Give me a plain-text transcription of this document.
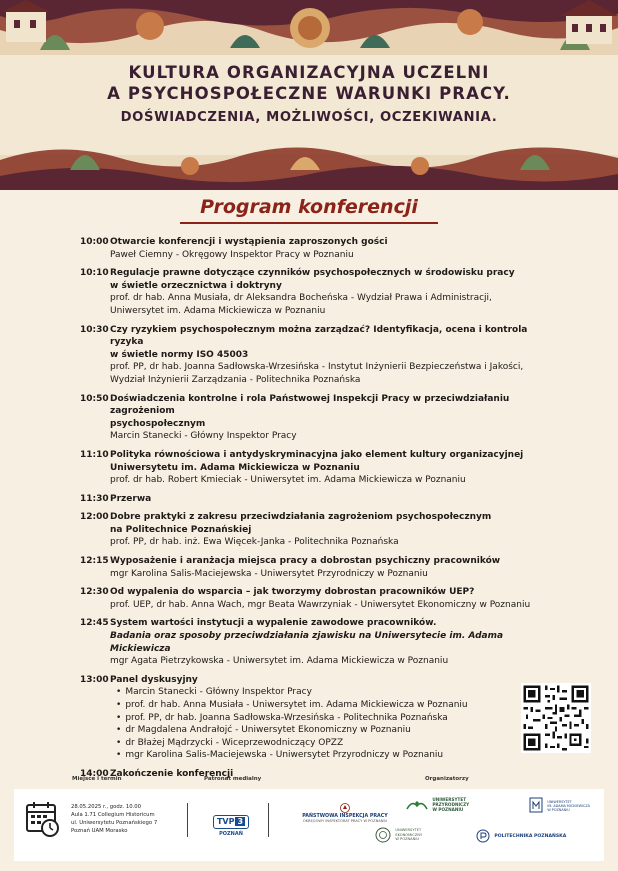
KULTURA ORGANIZACYJNA UCZELNI
A PSYCHOSPOŁECZNE WARUNKI PRACY.
DOŚWIADCZENIA, MOŻLIWOŚCI, OCZEKIWANIA.
Program konferencji
10:00 Otwarcie konferencji i wystąpienia zaproszonych gości
Paweł Ciemny - Okręgowy Inspektor Pracy w Poznaniu
10:10 Regulacje prawne dotyczące czynników psychospołecznych w środowisku pracy
w świetle orzecznictwa i doktryny
prof. dr hab. Anna Musiała, dr Aleksandra Bocheńska - Wydział Prawa i Administracji,
Uniwersytet im. Adama Mickiewicza w Poznaniu
10:30 Czy ryzykiem psychospołecznym można zarządzać? Identyfikacja, ocena i kontrola ryzyka
w świetle normy ISO 45003
prof. PP, dr hab. Joanna Sadłowska-Wrzesińska - Instytut Inżynierii Bezpieczeństwa i Jakości,
Wydział Inżynierii Zarządzania - Politechnika Poznańska
10:50 Doświadczenia kontrolne i rola Państwowej Inspekcji Pracy w przeciwdziałaniu zagrożeniom
psychospołecznym
Marcin Stanecki - Główny Inspektor Pracy
11:10 Polityka równościowa i antydyskryminacyjna jako element kultury organizacyjnej
Uniwersytetu im. Adama Mickiewicza w Poznaniu
prof. dr hab. Robert Kmieciak - Uniwersytet im. Adama Mickiewicza w Poznaniu
11:30 Przerwa
12:00 Dobre praktyki z zakresu przeciwdziałania zagrożeniom psychospołecznym
na Politechnice Poznańskiej
prof. PP, dr hab. inż. Ewa Więcek-Janka - Politechnika Poznańska
12:15 Wyposażenie i aranżacja miejsca pracy a dobrostan psychiczny pracowników
mgr Karolina Salis-Maciejewska - Uniwersytet Przyrodniczy w Poznaniu
12:30 Od wypalenia do wsparcia – jak tworzymy dobrostan pracowników UEP?
prof. UEP, dr hab. Anna Wach, mgr Beata Wawrzyniak - Uniwersytet Ekonomiczny w Poznaniu
12:45 System wartości instytucji a wypalenie zawodowe pracowników.
Badania oraz sposoby przeciwdziałania zjawisku na Uniwersytecie im. Adama Mickiewicza
mgr Agata Pietrzykowska - Uniwersytet im. Adama Mickiewicza w Poznaniu
13:00 Panel dyskusyjny
• Marcin Stanecki - Główny Inspektor Pracy
• prof. dr hab. Anna Musiała - Uniwersytet im. Adama Mickiewicza w Poznaniu
• prof. PP, dr hab. Joanna Sadłowska-Wrzesińska - Politechnika Poznańska
• dr Magdalena Andrałojć - Uniwersytet Ekonomiczny w Poznaniu
• dr Błażej Mądrzycki - Wiceprzewodniczący OPZZ
• mgr Karolina Salis-Maciejewska - Uniwersytet Przyrodniczy w Poznaniu
14:00 Zakończenie konferencji
Miejsce i termin	Patronat medialny	Organizatorzy
28.05.2025 r., godz. 10.00
Aula 1.71 Collegium Historicum
ul. Uniwersytetu Poznańskiego 7
Poznań UAM Morasko
TVP 3
POZNAŃ
PAŃSTWOWA INSPEKCJA PRACY
OKRĘGOWY INSPEKTORAT PRACY W POZNANIU

UNIWERSYTET
PRZYRODNICZY
W POZNANIU

UNIWERSYTET
IM. ADAMA MICKIEWICZA
W POZNANIU

UNIWERSYTET
EKONOMICZNY
W POZNANIU
POLITECHNIKA POZNAŃSKA
